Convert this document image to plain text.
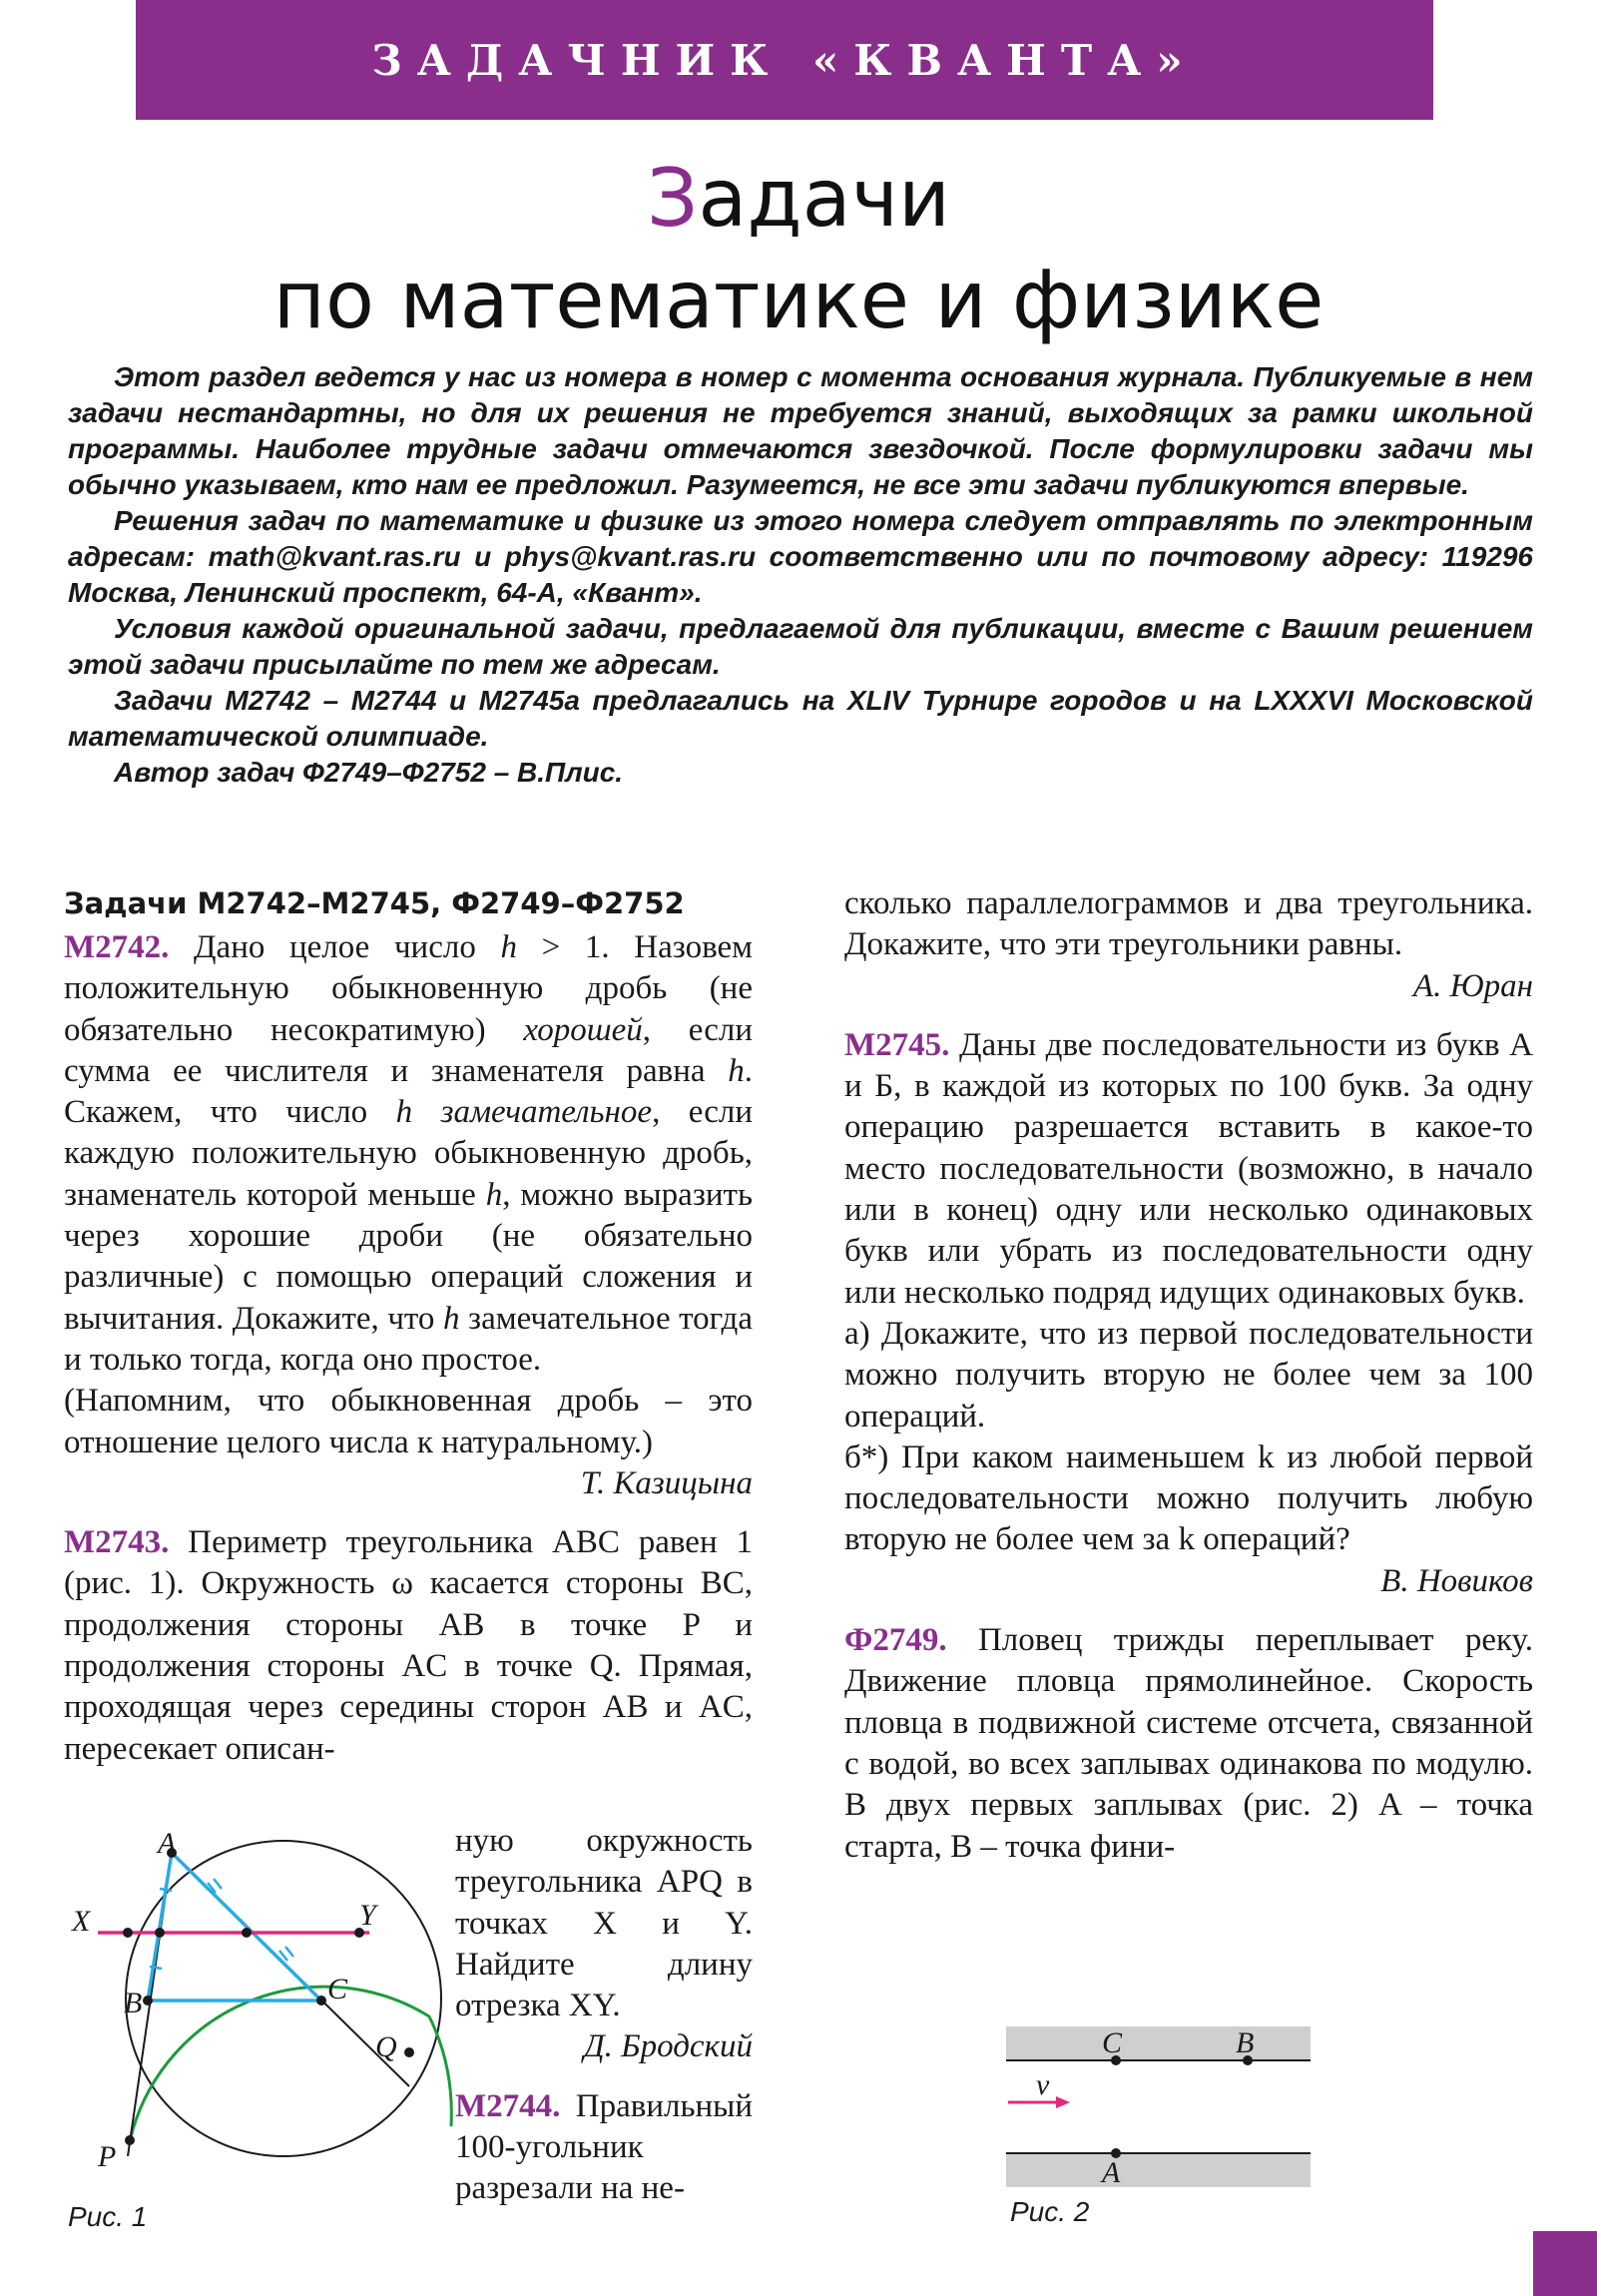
ЗАДАЧНИК «КВАНТА»
Задачи
по математике и физике

Этот раздел ведется у нас из номера в номер с момента основания журнала. Публикуемые в нем задачи нестандартны, но для их решения не требуется знаний, выходящих за рамки школьной программы. Наиболее трудные задачи отмечаются звездочкой. После формулировки задачи мы обычно указываем, кто нам ее предложил. Разумеется, не все эти задачи публикуются впервые.

Решения задач по математике и физике из этого номера следует отправлять по электронным адресам: math@kvant.ras.ru и phys@kvant.ras.ru соответственно или по почтовому адресу: 119296 Москва, Ленинский проспект, 64-А, «Квант».

Условия каждой оригинальной задачи, предлагаемой для публикации, вместе с Вашим решением этой задачи присылайте по тем же адресам.

Задачи М2742 – М2744 и М2745а предлагались на XLIV Турнире городов и на LXXXVI Московской математической олимпиаде.

Автор задач Ф2749–Ф2752 – В.Плис.

Задачи М2742–М2745, Ф2749–Ф2752

М2742. Дано целое число h > 1. Назовем положительную обыкновенную дробь (не обязательно несократимую) хорошей, если сумма ее числителя и знаменателя равна h. Скажем, что число h замечательное, если каждую положительную обыкновенную дробь, знаменатель которой меньше h, можно выразить через хорошие дроби (не обязательно различные) с помощью операций сложения и вычитания. Докажите, что h замечательное тогда и только тогда, когда оно простое.

(Напомним, что обыкновенная дробь – это отношение целого числа к натуральному.)

Т. Казицына

М2743. Периметр треугольника ABC равен 1 (рис. 1). Окружность ω касается стороны BC, продолжения стороны AB в точке P и продолжения стороны AC в точке Q. Прямая, проходящая через середины сторон AB и AC, пересекает описан-

A
B	C
P
Q
X	Y
Рис. 1

ную окружность треугольника APQ в точках X и Y. Найдите длину отрезка XY.

Д. Бродский

М2744. Правильный 100-угольник разрезали на не-

сколько параллелограммов и два треугольника. Докажите, что эти треугольники равны.

А. Юран

М2745. Даны две последовательности из букв А и Б, в каждой из которых по 100 букв. За одну операцию разрешается вставить в какое-то место последовательности (возможно, в начало или в конец) одну или несколько одинаковых букв или убрать из последовательности одну или несколько подряд идущих одинаковых букв.

а) Докажите, что из первой последовательности можно получить вторую не более чем за 100 операций.

б*) При каком наименьшем k из любой первой последовательности можно получить любую вторую не более чем за k операций?

В. Новиков

Ф2749. Пловец трижды переплывает реку. Движение пловца прямолинейное. Скорость пловца в подвижной системе отсчета, связанной с водой, во всех заплывах одинакова по модулю. В двух первых заплывах (рис. 2) A – точка старта, B – точка фини-

C	B
A
v
Рис. 2
